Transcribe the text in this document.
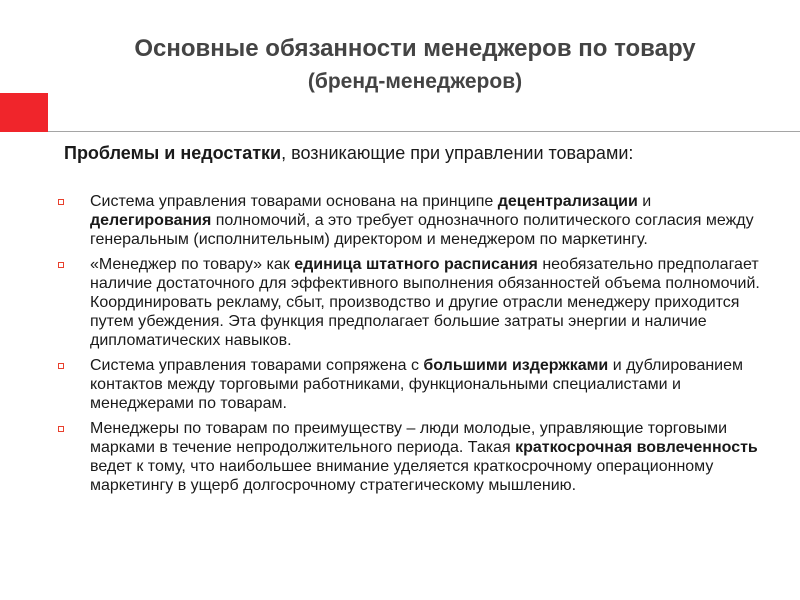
Основные обязанности менеджеров по товару
(бренд-менеджеров)
Проблемы и недостатки, возникающие при управлении товарами:
Система управления товарами основана на принципе децентрализации и делегирования полномочий, а это требует однозначного политического согласия между генеральным (исполнительным) директором и менеджером по маркетингу.
«Менеджер по товару» как единица штатного расписания необязательно предполагает наличие достаточного для эффективного выполнения обязанностей объема полномочий. Координировать рекламу, сбыт, производство и другие отрасли менеджеру приходится путем убеждения. Эта функция предполагает большие затраты энергии и наличие дипломатических навыков.
Система управления товарами сопряжена с большими издержками и дублированием контактов между торговыми работниками, функциональными специалистами и менеджерами по товарам.
Менеджеры по товарам по преимуществу – люди молодые, управляющие торговыми марками в течение непродолжительного периода. Такая краткосрочная вовлеченность ведет к тому, что наибольшее внимание уделяется краткосрочному операционному маркетингу в ущерб долгосрочному стратегическому мышлению.
